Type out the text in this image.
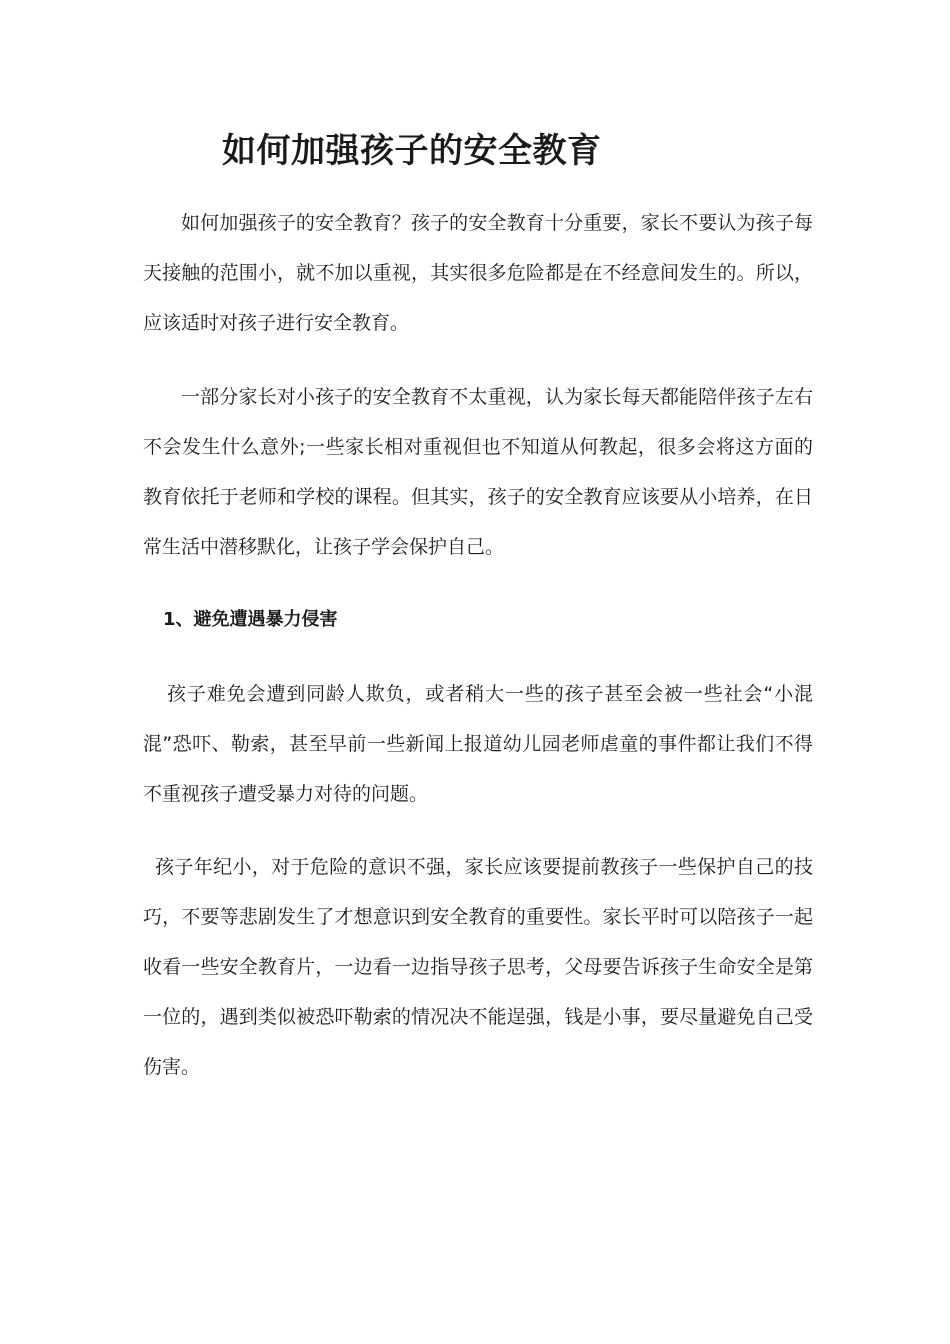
如何加强孩子的安全教育

如何加强孩子的安全教育？孩子的安全教育十分重要，家长不要认为孩子每天接触的范围小，就不加以重视，其实很多危险都是在不经意间发生的。所以，应该适时对孩子进行安全教育。

一部分家长对小孩子的安全教育不太重视，认为家长每天都能陪伴孩子左右不会发生什么意外;一些家长相对重视但也不知道从何教起，很多会将这方面的教育依托于老师和学校的课程。但其实，孩子的安全教育应该要从小培养，在日常生活中潜移默化，让孩子学会保护自己。

1、避免遭遇暴力侵害

孩子难免会遭到同龄人欺负，或者稍大一些的孩子甚至会被一些社会“小混混”恐吓、勒索，甚至早前一些新闻上报道幼儿园老师虐童的事件都让我们不得不重视孩子遭受暴力对待的问题。

孩子年纪小，对于危险的意识不强，家长应该要提前教孩子一些保护自己的技巧，不要等悲剧发生了才想意识到安全教育的重要性。家长平时可以陪孩子一起收看一些安全教育片，一边看一边指导孩子思考，父母要告诉孩子生命安全是第一位的，遇到类似被恐吓勒索的情况决不能逞强，钱是小事，要尽量避免自己受伤害。
